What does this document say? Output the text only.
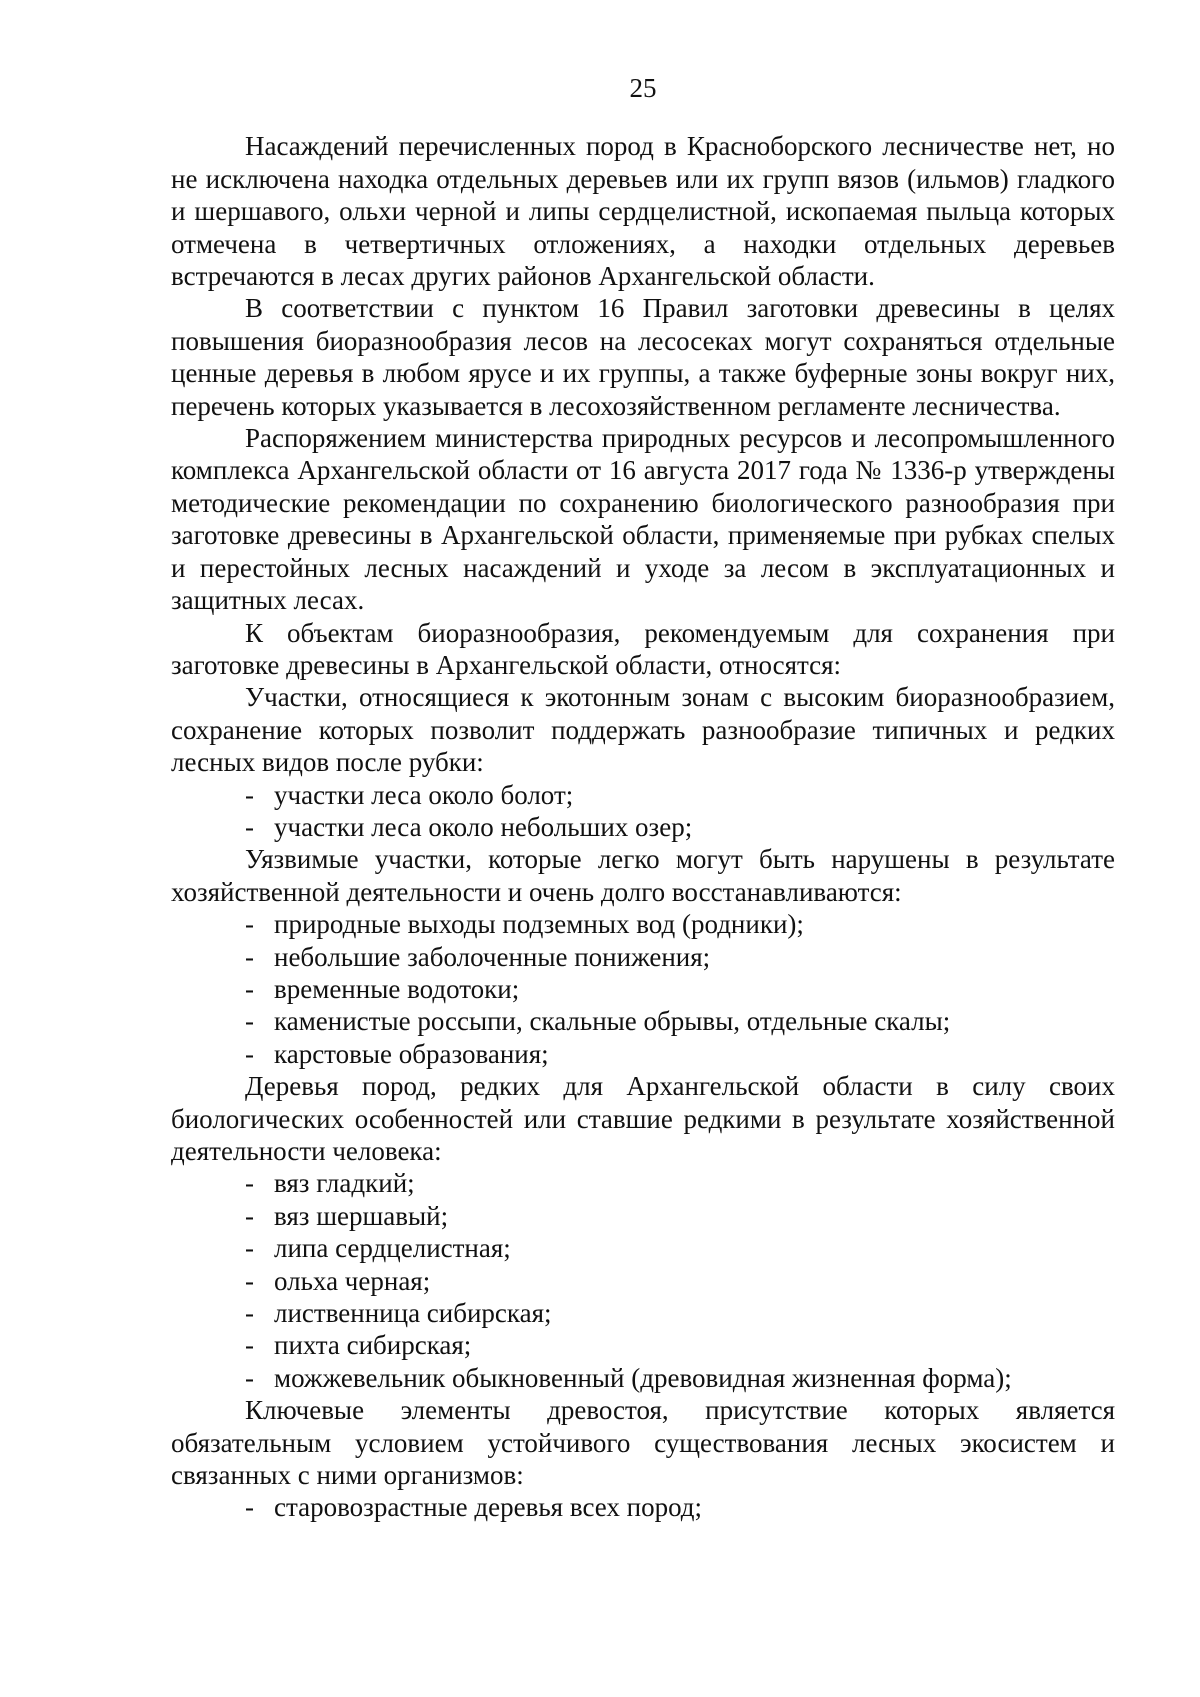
25

Насаждений перечисленных пород в Красноборского лесничестве нет, но не исключена находка отдельных деревьев или их групп вязов (ильмов) гладкого и шершавого, ольхи черной и липы сердцелистной, ископаемая пыльца которых отмечена в четвертичных отложениях, а находки отдельных деревьев встречаются в лесах других районов Архангельской области.

В соответствии с пунктом 16 Правил заготовки древесины в целях повышения биоразнообразия лесов на лесосеках могут сохраняться отдельные ценные деревья в любом ярусе и их группы, а также буферные зоны вокруг них, перечень которых указывается в лесохозяйственном регламенте лесничества.

Распоряжением министерства природных ресурсов и лесопромышленного комплекса Архангельской области от 16 августа 2017 года № 1336-р утверждены методические рекомендации по сохранению биологического разнообразия при заготовке древесины в Архангельской области, применяемые при рубках спелых и перестойных лесных насаждений и уходе за лесом в эксплуатационных и защитных лесах.

К объектам биоразнообразия, рекомендуемым для сохранения при заготовке древесины в Архангельской области, относятся:

Участки, относящиеся к экотонным зонам с высоким биоразнообразием, сохранение которых позволит поддержать разнообразие типичных и редких лесных видов после рубки:

- участки леса около болот;
- участки леса около небольших озер;

Уязвимые участки, которые легко могут быть нарушены в результате хозяйственной деятельности и очень долго восстанавливаются:

- природные выходы подземных вод (родники);
- небольшие заболоченные понижения;
- временные водотоки;
- каменистые россыпи, скальные обрывы, отдельные скалы;
- карстовые образования;

Деревья пород, редких для Архангельской области в силу своих биологических особенностей или ставшие редкими в результате хозяйственной деятельности человека:

- вяз гладкий;
- вяз шершавый;
- липа сердцелистная;
- ольха черная;
- лиственница сибирская;
- пихта сибирская;
- можжевельник обыкновенный (древовидная жизненная форма);

Ключевые элементы древостоя, присутствие которых является обязательным условием устойчивого существования лесных экосистем и связанных с ними организмов:

- старовозрастные деревья всех пород;
